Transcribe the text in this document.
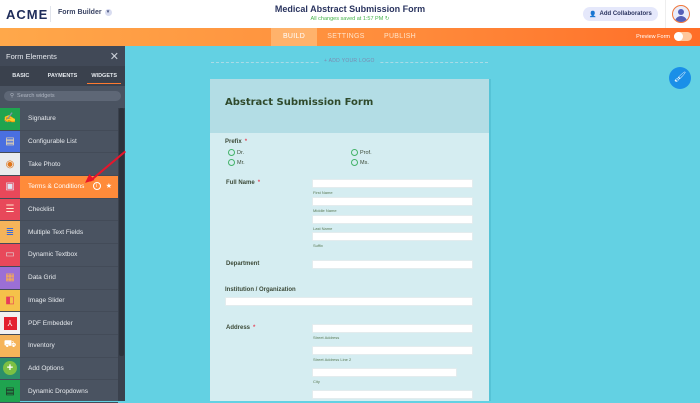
ACME Form Builder	▾	Medical Abstract Submission Form
All changes saved at 1:57 PM ↻
👤 Add Collaborators
BUILD	SETTINGS	PUBLISH	Preview Form
Form Elements	✕
BASIC	PAYMENTS	WIDGETS
⚲ Search widgets
✍	Signature
▤	Configurable List
◉	Take Photo
▣	Terms & Conditions	i	★
☰	Checklist
≣	Multiple Text Fields
▭	Dynamic Textbox
▦	Data Grid
◧	Image Slider
⅄	PDF Embedder
⛟	Inventory
+	Add Options
▤	Dynamic Dropdowns
+ ADD YOUR LOGO
🖌
Abstract Submission Form
Prefix *
Dr.	Prof.
Mr.	Ms.
Full Name *
First Name
Middle Name
Last Name
Suffix
Department
Institution / Organization
Address *
Street Address
Street Address Line 2
City
